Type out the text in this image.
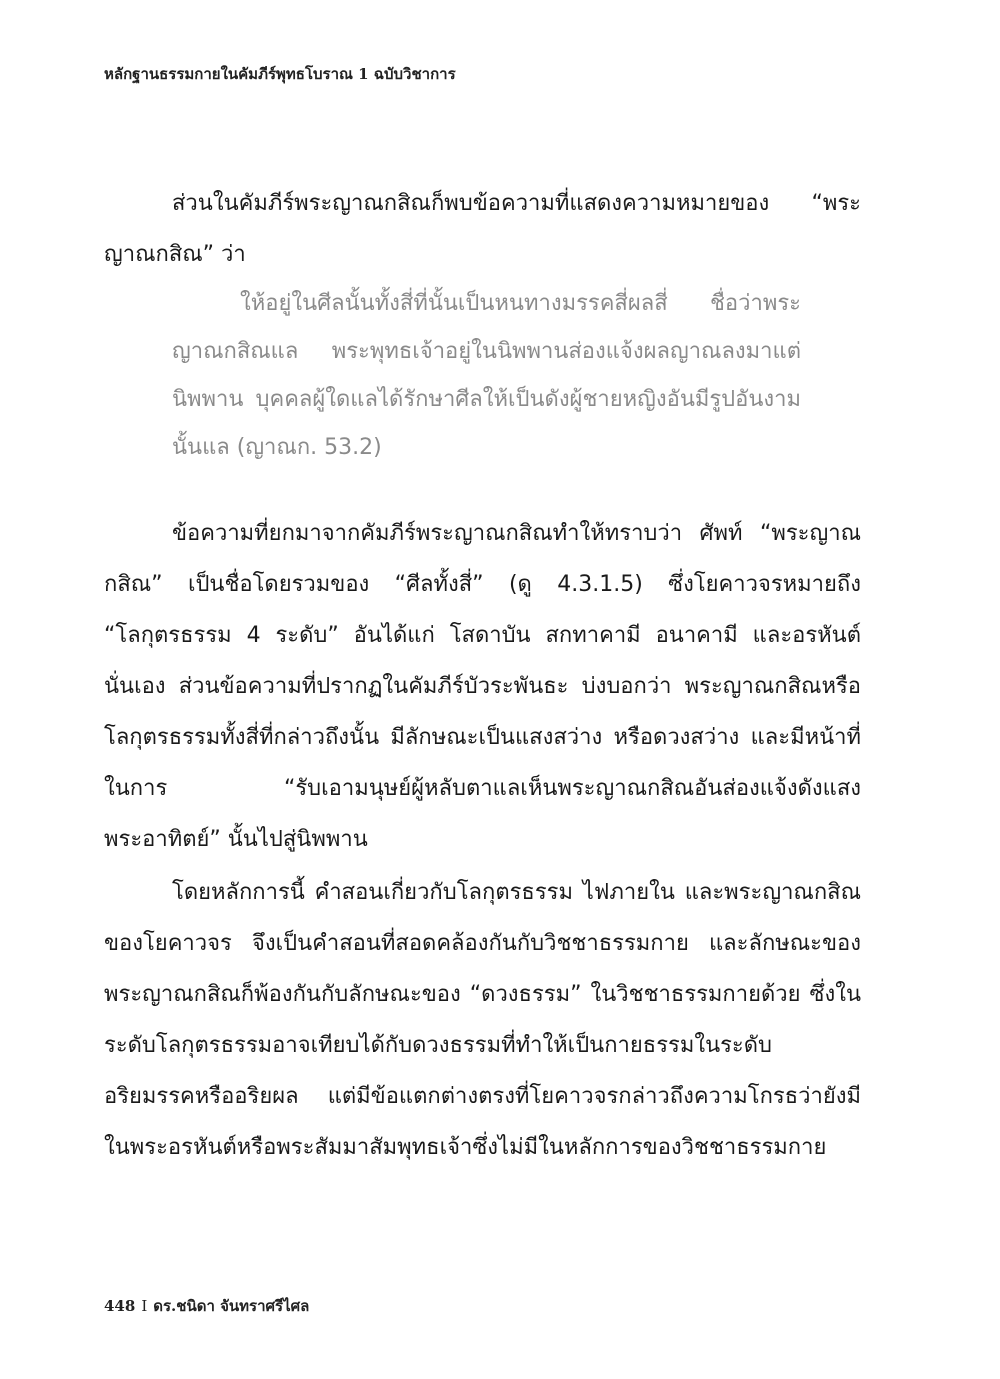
หลักฐานธรรมกายในคัมภีร์พุทธโบราณ 1 ฉบับวิชาการ

ส่วนในคัมภีร์พระญาณกสิณก็พบข้อความที่แสดงความหมายของ “พระญาณกสิณ” ว่า

ให้อยู่ในศีลนั้นทั้งสี่ที่นั้นเป็นหนทางมรรคสี่ผลสี่ ชื่อว่าพระญาณกสิณแล พระพุทธเจ้าอยู่ในนิพพานส่องแจ้งผลญาณลงมาแต่นิพพาน บุคคลผู้ใดแลได้รักษาศีลให้เป็นดังผู้ชายหญิงอันมีรูปอันงามนั้นแล (ญาณก. 53.2)

ข้อความที่ยกมาจากคัมภีร์พระญาณกสิณทำให้ทราบว่า ศัพท์ “พระญาณกสิณ” เป็นชื่อโดยรวมของ “ศีลทั้งสี่” (ดู 4.3.1.5) ซึ่งโยคาวจรหมายถึง “โลกุตรธรรม 4 ระดับ” อันได้แก่ โสดาบัน สกทาคามี อนาคามี และอรหันต์ นั่นเอง ส่วนข้อความที่ปรากฏในคัมภีร์บัวระพันธะ บ่งบอกว่า พระญาณกสิณหรือโลกุตรธรรมทั้งสี่ที่กล่าวถึงนั้น มีลักษณะเป็นแสงสว่าง หรือดวงสว่าง และมีหน้าที่ในการ “รับเอามนุษย์ผู้หลับตาแลเห็นพระญาณกสิณอันส่องแจ้งดังแสงพระอาทิตย์” นั้นไปสู่นิพพาน

โดยหลักการนี้ คำสอนเกี่ยวกับโลกุตรธรรม ไฟภายใน และพระญาณกสิณของโยคาวจร จึงเป็นคำสอนที่สอดคล้องกันกับวิชชาธรรมกาย และลักษณะของพระญาณกสิณก็พ้องกันกับลักษณะของ “ดวงธรรม” ในวิชชาธรรมกายด้วย ซึ่งในระดับโลกุตรธรรมอาจเทียบได้กับดวงธรรมที่ทำให้เป็นกายธรรมในระดับอริยมรรคหรืออริยผล แต่มีข้อแตกต่างตรงที่โยคาวจรกล่าวถึงความโกรธว่ายังมีในพระอรหันต์หรือพระสัมมาสัมพุทธเจ้าซึ่งไม่มีในหลักการของวิชชาธรรมกาย

448 I ดร.ชนิดา จันทราศรีไศล
